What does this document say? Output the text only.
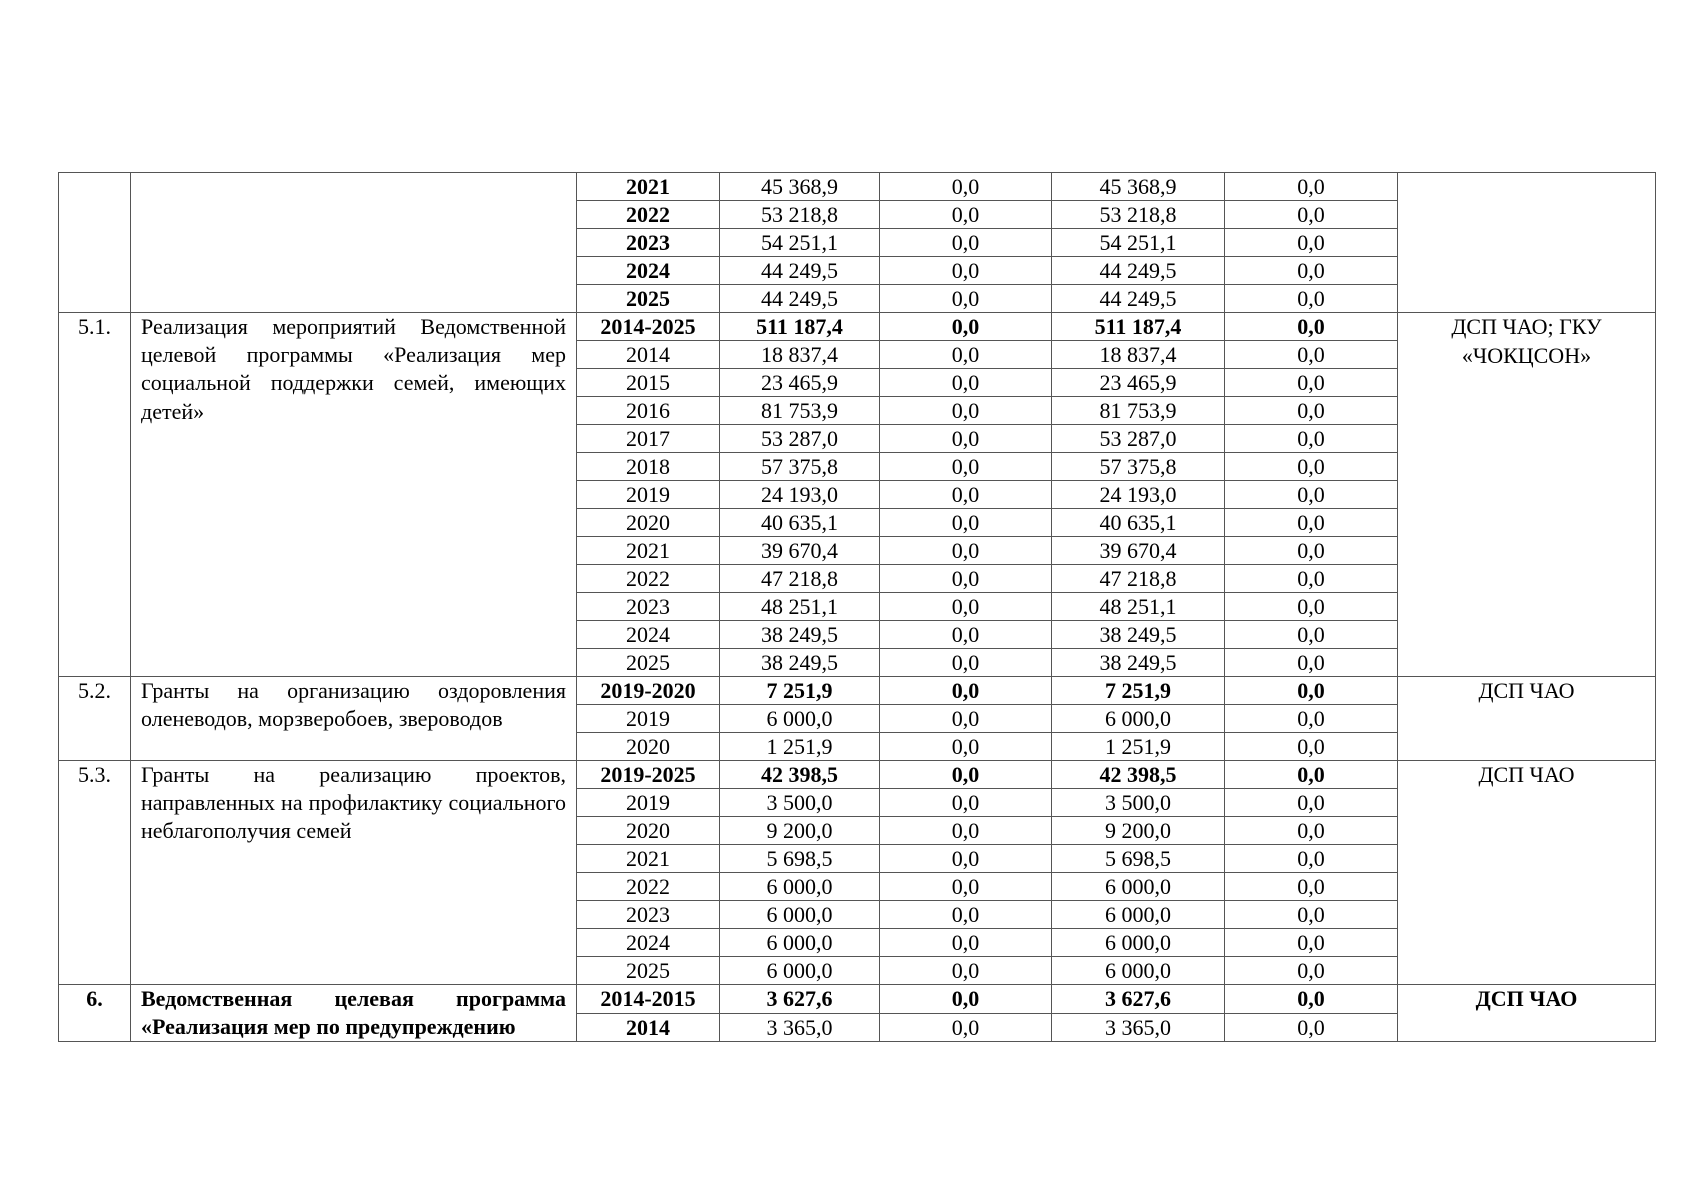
		2021	45 368,9	0,0	45 368,9	0,0	
		2022	53 218,8	0,0	53 218,8	0,0	
		2023	54 251,1	0,0	54 251,1	0,0	
		2024	44 249,5	0,0	44 249,5	0,0	
		2025	44 249,5	0,0	44 249,5	0,0	
5.1.	Реализация мероприятий Ведомственной целевой программы «Реализация мер социальной поддержки семей, имеющих детей»	2014-2025	511 187,4	0,0	511 187,4	0,0	ДСП ЧАО; ГКУ «ЧОКЦСОН»
		2014	18 837,4	0,0	18 837,4	0,0	
		2015	23 465,9	0,0	23 465,9	0,0	
		2016	81 753,9	0,0	81 753,9	0,0	
		2017	53 287,0	0,0	53 287,0	0,0	
		2018	57 375,8	0,0	57 375,8	0,0	
		2019	24 193,0	0,0	24 193,0	0,0	
		2020	40 635,1	0,0	40 635,1	0,0	
		2021	39 670,4	0,0	39 670,4	0,0	
		2022	47 218,8	0,0	47 218,8	0,0	
		2023	48 251,1	0,0	48 251,1	0,0	
		2024	38 249,5	0,0	38 249,5	0,0	
		2025	38 249,5	0,0	38 249,5	0,0	
5.2.	Гранты на организацию оздоровления оленеводов, морзверобоев, звероводов	2019-2020	7 251,9	0,0	7 251,9	0,0	ДСП ЧАО
		2019	6 000,0	0,0	6 000,0	0,0	
		2020	1 251,9	0,0	1 251,9	0,0	
5.3.	Гранты на реализацию проектов, направленных на профилактику социального неблагополучия семей	2019-2025	42 398,5	0,0	42 398,5	0,0	ДСП ЧАО
		2019	3 500,0	0,0	3 500,0	0,0	
		2020	9 200,0	0,0	9 200,0	0,0	
		2021	5 698,5	0,0	5 698,5	0,0	
		2022	6 000,0	0,0	6 000,0	0,0	
		2023	6 000,0	0,0	6 000,0	0,0	
		2024	6 000,0	0,0	6 000,0	0,0	
		2025	6 000,0	0,0	6 000,0	0,0	
6.	Ведомственная целевая программа «Реализация мер по предупреждению	2014-2015	3 627,6	0,0	3 627,6	0,0	ДСП ЧАО
		2014	3 365,0	0,0	3 365,0	0,0	
